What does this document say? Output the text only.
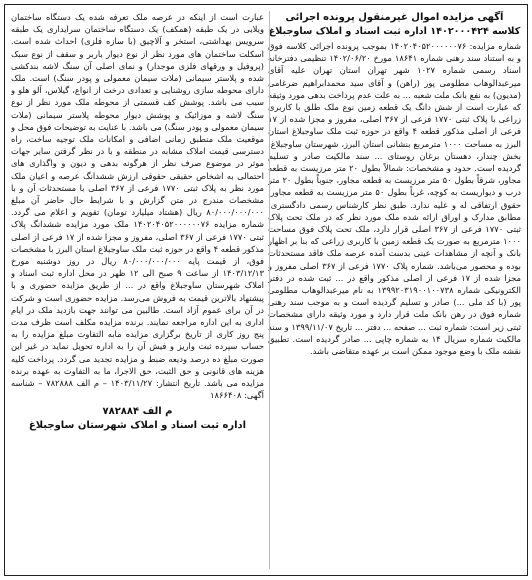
آگهی مزایده اموال غیرمنقول پرونده اجرائی
کلاسه ۱۴۰۲۰۰۰۴۲۴ اداره ثبت اسناد و املاک ساوجبلاغ

شماره مزایده: ۱۴۰۲۰۴۰۵۲۰۰۰۰۰۰۷۶ بموجب پرونده اجرائی کلاسه فوق و به استناد سند رهنی شماره ۱۸۶۴۱ مورخ ۱۴۰۲/۰۶/۲۰ تنظیمی دفترخانه اسناد رسمی شماره ۱۰۲۷ شهر تهران استان تهران علیه آقای میرعبدالوهاب مطلومی پور (راهن) و آقای سید محمدابراهیم ضرغامی (مدیون) به نفع بانک ملت شعبه ... به علت عدم پرداخت بدهی مورد وثیقه که عبارت است از شش دانگ یک قطعه زمین نوع ملک طلق با کاربری زراعی با پلاک ثبتی ۱۷۷۰ فرعی از ۳۶۷ اصلی، مفروز و مجزا شده از ۱۷ فرعی از اصلی مذکور قطعه ۴ واقع در حوزه ثبت ملک ساوجبلاغ استان البرز به مساحت ۱۰۰۰ مترمربع بنشانی استان البرز، شهرستان ساوجبلاغ، بخش چندار، دهستان برغان روستای ... سند مالکیت صادر و تسلیم گردیده است. حدود و مشخصات: شمالاً بطول ۲۰ متر مرزیست به قطعه مجاور، شرقاً بطول ۵۰ متر مرزیست به قطعه مجاور، جنوباً بطول ۲۰ متر درب و دیواریست به کوچه، غرباً بطول ۵۰ متر مرزیست به قطعه مجاور. حقوق ارتفاقی له و علیه ندارد. طبق نظر کارشناس رسمی دادگستری: مطابق مدارک و اوراق ارائه شده ملک مورد نظر که در ملک تحت پلاک ثبتی ۱۷۷۰ فرعی از ۳۶۷ اصلی قرار دارد، ملک تحت پلاک فوق مساحت ۱۰۰۰ مترمربع به صورت یک قطعه زمین با کاربری زراعی که بنا بر اظهار بانک و آنچه از مشاهدات عینی بدست آمده عرصه ملک فاقد مستحدثات بوده و محصور می‌باشد. شماره پلاک ۱۷۷۰ فرعی از ۳۶۷ اصلی مفروز و مجزا شده از ۱۷ فرعی از اصلی مذکور واقع در ... ثبت شده در دفتر الکترونیکی شماره ۱۳۹۹۲۰۳۱۹۰۰۱۰۰۷۳۸ به نام میرعبدالوهاب مطلومی پور (با کد ملی ...) صادر و تسلیم گردیده است و به موجب سند رهنی شماره فوق در رهن بانک ملت قرار دارد و مورد وثیقه دارای مشخصات ثبتی زیر است: شماره ثبت ... صفحه ... دفتر ... تاریخ ۱۳۹۹/۱۱/۰۷ و سند مالکیت شماره سریال ۱۴ به شماره چاپی ... صادر گردیده است. تطبیق نقشه ملک با وضع موجود ممکن است بر عهده متقاضی باشد.

عبارت است از اینکه در عرصه ملک تعرفه شده یک دستگاه ساختمان ویلایی در یک طبقه (همکف) یک دستگاه ساختمان سرایداری یک طبقه سرویس بهداشتی، استخر و آلاچیق (با سازه فلزی) احداث شده است. اسکلت ساختمان های مورد نظر از نوع دیوار باربر و سقف از نوع سبک (پروفیل و ورقهای فلزی موجدار) و نمای اصلی آن سنگ لاشه بندکشی شده و پلاستر سیمانی (ملات سیمان معمولی و پودر سنگ) است. ملک دارای محوطه سازی روشنایی و تعدادی درخت از انواع، گیلاس، آلو هلو و سیب می باشد. پوشش کف قسمتی از محوطه ملک مورد نظر از نوع سنگ لاشه و موزائیک و پوشش دیوار محوطه پلاستر سیمانی (ملات سیمان معمولی و پودر سنگ) می باشد. با عنایت به توضیحات فوق محل و موقعیت ملک منطبق زمانی اضافی و امکانات ملک توجیه ساخت، راه دسترسی قیمت املاک مشابه در منطقه و با در نظر گرفتن سایر جهات موثر در موضوع صرف نظر از هرگونه بدهی و دیون و واگذاری های احتمالی به اشخاص حقیقی حقوقی ارزش ششدانگ عرصه و اعیان ملک مورد نظر به پلاک ثبتی ۱۷۷۰ فرعی از ۳۶۷ اصلی با مستحدثات آن و با مشخصات مندرج در متن گزارش و با شرایط حال حاضر آن مبلغ ۸۰/۰۰۰/۰۰۰/۰۰۰ ریال (هشتاد میلیارد تومان) تقویم و اعلام می گردد. شماره مزایده ۱۴۰۲۰۴۰۵۲۰۰۰۰۰۰۷۶ ملک مورد مزایده ششدانگ پلاک ثبتی ۱۷۷۰ فرعی از ۳۶۷ اصلی، مفروز و مجزا شده از ۱۷ فرعی از اصلی مذکور قطعه ۴ واقع در حوزه ثبت ملک ساوجبلاغ استان البرز با مشخصات فوق، از قیمت پایه ۸۰/۰۰۰/۰۰۰/۰۰۰ ریال در روز دوشنبه مورخ ۱۴۰۳/۱۲/۱۳ از ساعت ۹ صبح الی ۱۲ ظهر در محل اداره ثبت اسناد و املاک شهرستان ساوجبلاغ واقع در ... از طریق مزایده حضوری و با پیشنهاد بالاترین قیمت به فروش می‌رسد. مزایده حضوری است و شرکت در آن برای عموم آزاد است. طالبین می توانند جهت بازدید ملک در ایام اداری به این اداره مراجعه نمایند. برنده مزایده مکلف است ظرف مدت پنج روز کاری از تاریخ برگزاری مزایده مابه التفاوت مبلغ مزایده را به حساب سپرده ثبت واریز و فیش آن را به اداره تحویل نماید در غیر این صورت مبلغ ده درصد ودیعه ضبط و مزایده تجدید می گردد. پرداخت کلیه هزینه های قانونی و حق الثبت، حق الاجرا، ما به التفاوت به عهده برنده مزایده می باشد. تاریخ انتشار: ۱۴۰۳/۱۱/۲۷ – م الف ۷۸۲۸۸۸ – شناسه آگهی: ۱۸۶۶۴۰۸

م الف ۷۸۲۸۸۴
اداره ثبت اسناد و املاک شهرستان ساوجبلاغ
